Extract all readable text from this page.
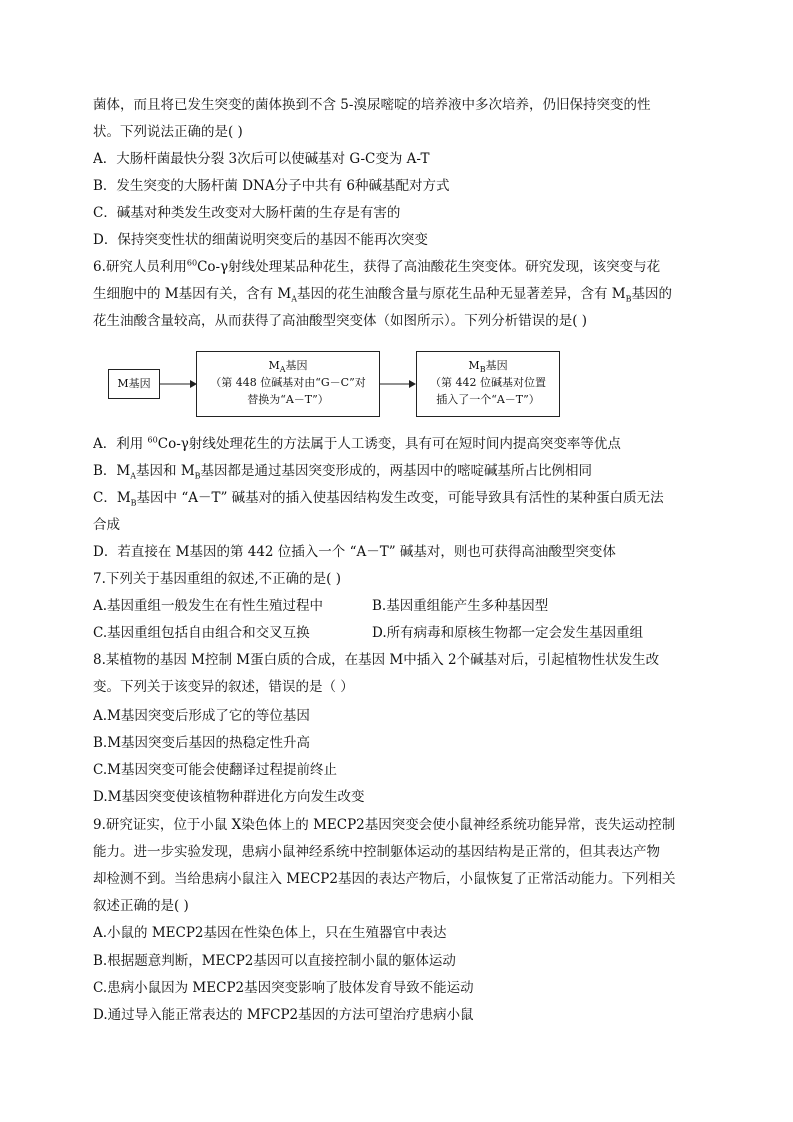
菌体，而且将已发生突变的菌体换到不含 5-溴尿嘧啶的培养液中多次培养，仍旧保持突变的性
状。下列说法正确的是( )
A．大肠杆菌最快分裂 3次后可以使碱基对 G-C变为 A-T
B．发生突变的大肠杆菌 DNA分子中共有 6种碱基配对方式
C．碱基对种类发生改变对大肠杆菌的生存是有害的
D．保持突变性状的细菌说明突变后的基因不能再次突变
6.研究人员利用$^{60}$Co-γ射线处理某品种花生，获得了高油酸花生突变体。研究发现，该突变与花
生细胞中的 M基因有关，含有 $M_A$基因的花生油酸含量与原花生品种无显著差异，含有 $M_B$基因的
花生油酸含量较高，从而获得了高油酸型突变体（如图所示）。下列分析错误的是( )
M基因
$M_A$基因
（第 448 位碱基对由“G－C”对
替换为“A－T”）
$M_B$基因
（第 442 位碱基对位置
插入了一个“A－T”）
A．利用 $^{60}$Co-γ射线处理花生的方法属于人工诱变，具有可在短时间内提高突变率等优点
B．$M_A$基因和 $M_B$基因都是通过基因突变形成的，两基因中的嘧啶碱基所占比例相同
C．$M_B$基因中 “A－T” 碱基对的插入使基因结构发生改变，可能导致具有活性的某种蛋白质无法
合成
D．若直接在 M基因的第 442 位插入一个 “A－T” 碱基对，则也可获得高油酸型突变体
7.下列关于基因重组的叙述,不正确的是( )
A.基因重组一般发生在有性生殖过程中	B.基因重组能产生多种基因型
C.基因重组包括自由组合和交叉互换	D.所有病毒和原核生物都一定会发生基因重组
8.某植物的基因 M控制 M蛋白质的合成，在基因 M中插入 2个碱基对后，引起植物性状发生改
变。下列关于该变异的叙述，错误的是（ ）
A.M基因突变后形成了它的等位基因
B.M基因突变后基因的热稳定性升高
C.M基因突变可能会使翻译过程提前终止
D.M基因突变使该植物种群进化方向发生改变
9.研究证实，位于小鼠 X染色体上的 MECP2基因突变会使小鼠神经系统功能异常，丧失运动控制
能力。进一步实验发现，患病小鼠神经系统中控制躯体运动的基因结构是正常的，但其表达产物
却检测不到。当给患病小鼠注入 MECP2基因的表达产物后，小鼠恢复了正常活动能力。下列相关
叙述正确的是( )
A.小鼠的 MECP2基因在性染色体上，只在生殖器官中表达
B.根据题意判断，MECP2基因可以直接控制小鼠的躯体运动
C.患病小鼠因为 MECP2基因突变影响了肢体发育导致不能运动
D.通过导入能正常表达的 MFCP2基因的方法可望治疗患病小鼠
